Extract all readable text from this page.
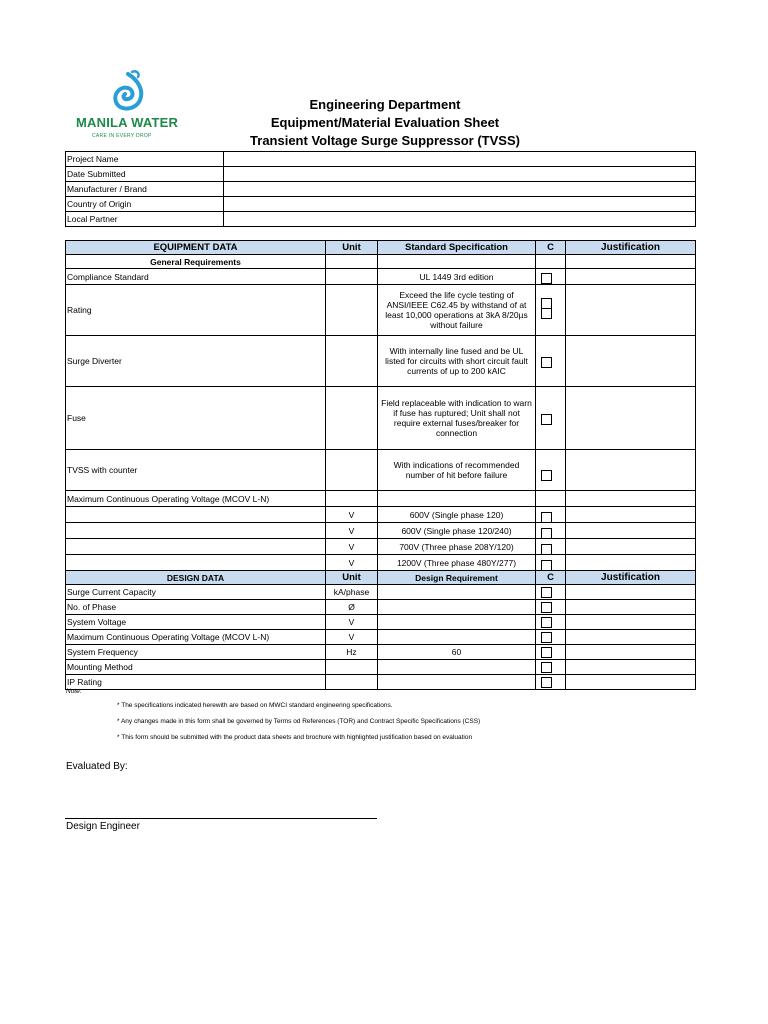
MANILA WATER
CARE IN EVERY DROP
Engineering Department
Equipment/Material Evaluation Sheet
Transient Voltage Surge Suppressor (TVSS)
Project Name	
Date Submitted	
Manufacturer / Brand	
Country of Origin	
Local Partner	
EQUIPMENT DATA	Unit	Standard Specification	C	Justification
General Requirements				
Compliance Standard		UL 1449 3rd edition	

Rating		Exceed the life cycle testing of ANSI/IEEE C62.45 by withstand of at least 10,000 operations at 3kA 8/20µs without failure	

Surge Diverter		With internally line fused and be UL listed for circuits with short circuit fault currents of up to 200 kAIC	

Fuse		Field replaceable with indication to warn if fuse has ruptured; Unit shall not require external fuses/breaker for connection	

TVSS with counter		With indications of recommended number of hit before failure	

Maximum Continuous Operating Voltage (MCOV L-N)				
	V	600V (Single phase 120)	

	V	600V (Single phase 120/240)	

	V	700V (Three phase 208Y/120)	

	V	1200V (Three phase 480Y/277)	

DESIGN DATA	Unit	Design Requirement	C	Justification
Surge Current Capacity	kA/phase		

No. of Phase	Ø		

System Voltage	V		

Maximum Continuous Operating Voltage (MCOV L-N)	V		

System Frequency	Hz	60	

Mounting Method			

IP Rating			

Note:
* The specifications indicated herewith are based on MWCI standard engineering specifications.
* Any changes made in this form shall be governed by Terms od References (TOR) and Contract Specific Specifications (CSS)
* This form should be submitted with the product data sheets and brochure with highlighted justification based on evaluation
Evaluated By:
Design Engineer
